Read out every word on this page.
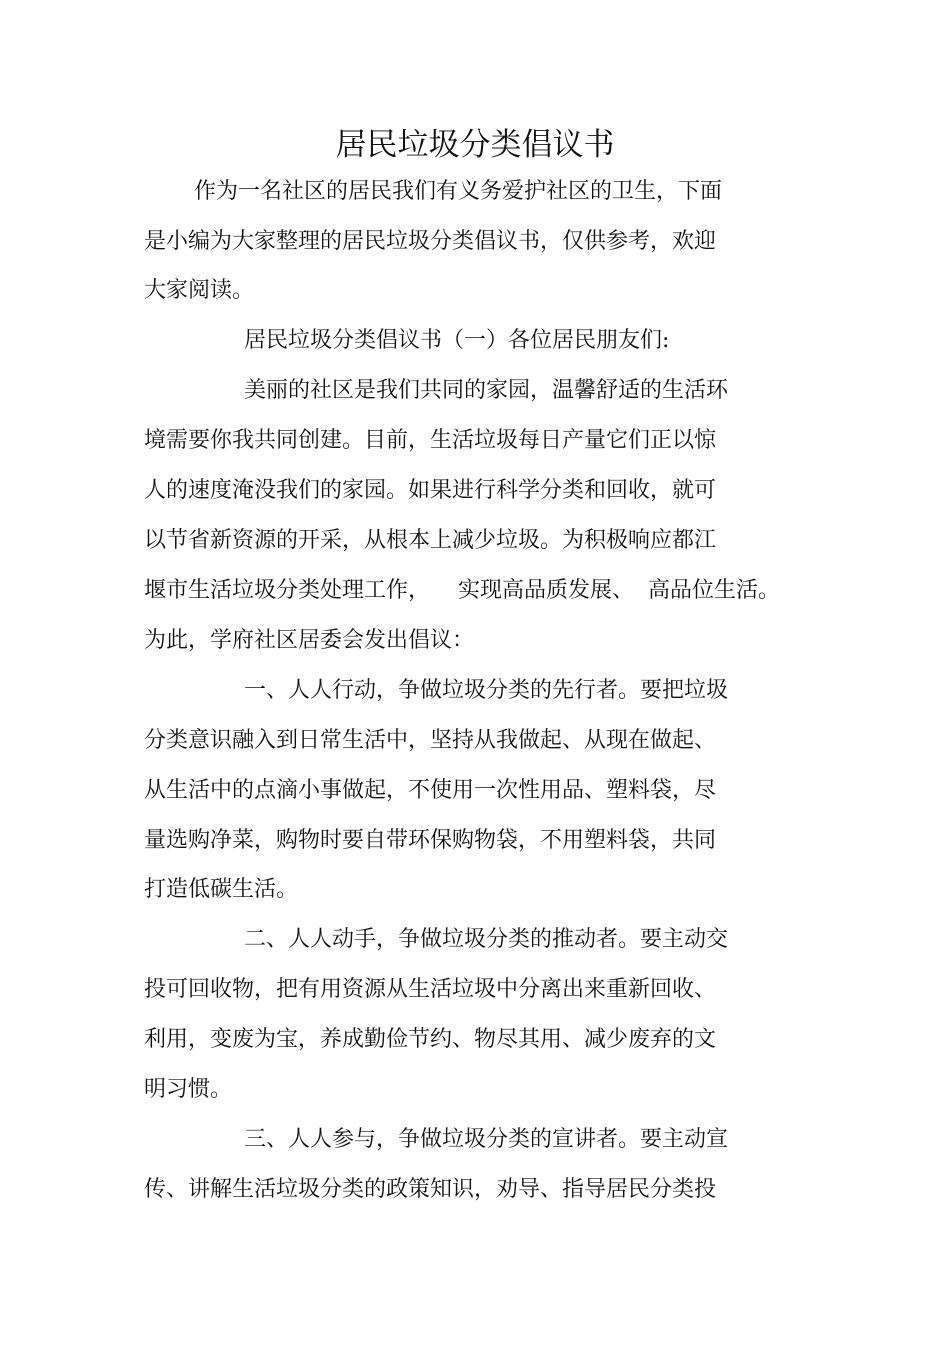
居民垃圾分类倡议书
作为一名社区的居民我们有义务爱护社区的卫生，下面
是小编为大家整理的居民垃圾分类倡议书，仅供参考，欢迎
大家阅读。
居民垃圾分类倡议书（一）各位居民朋友们:
美丽的社区是我们共同的家园，温馨舒适的生活环
境需要你我共同创建。目前，生活垃圾每日产量它们正以惊
人的速度淹没我们的家园。如果进行科学分类和回收，就可
以节省新资源的开采，从根本上减少垃圾。为积极响应都江
堰市生活垃圾分类处理工作，    实现高品质发展、  高品位生活。
为此，学府社区居委会发出倡议：
一、人人行动，争做垃圾分类的先行者。要把垃圾
分类意识融入到日常生活中，坚持从我做起、从现在做起、
从生活中的点滴小事做起，不使用一次性用品、塑料袋，尽
量选购净菜，购物时要自带环保购物袋，不用塑料袋，共同
打造低碳生活。
二、人人动手，争做垃圾分类的推动者。要主动交
投可回收物，把有用资源从生活垃圾中分离出来重新回收、
利用，变废为宝，养成勤俭节约、物尽其用、减少废弃的文
明习惯。
三、人人参与，争做垃圾分类的宣讲者。要主动宣
传、讲解生活垃圾分类的政策知识，劝导、指导居民分类投
